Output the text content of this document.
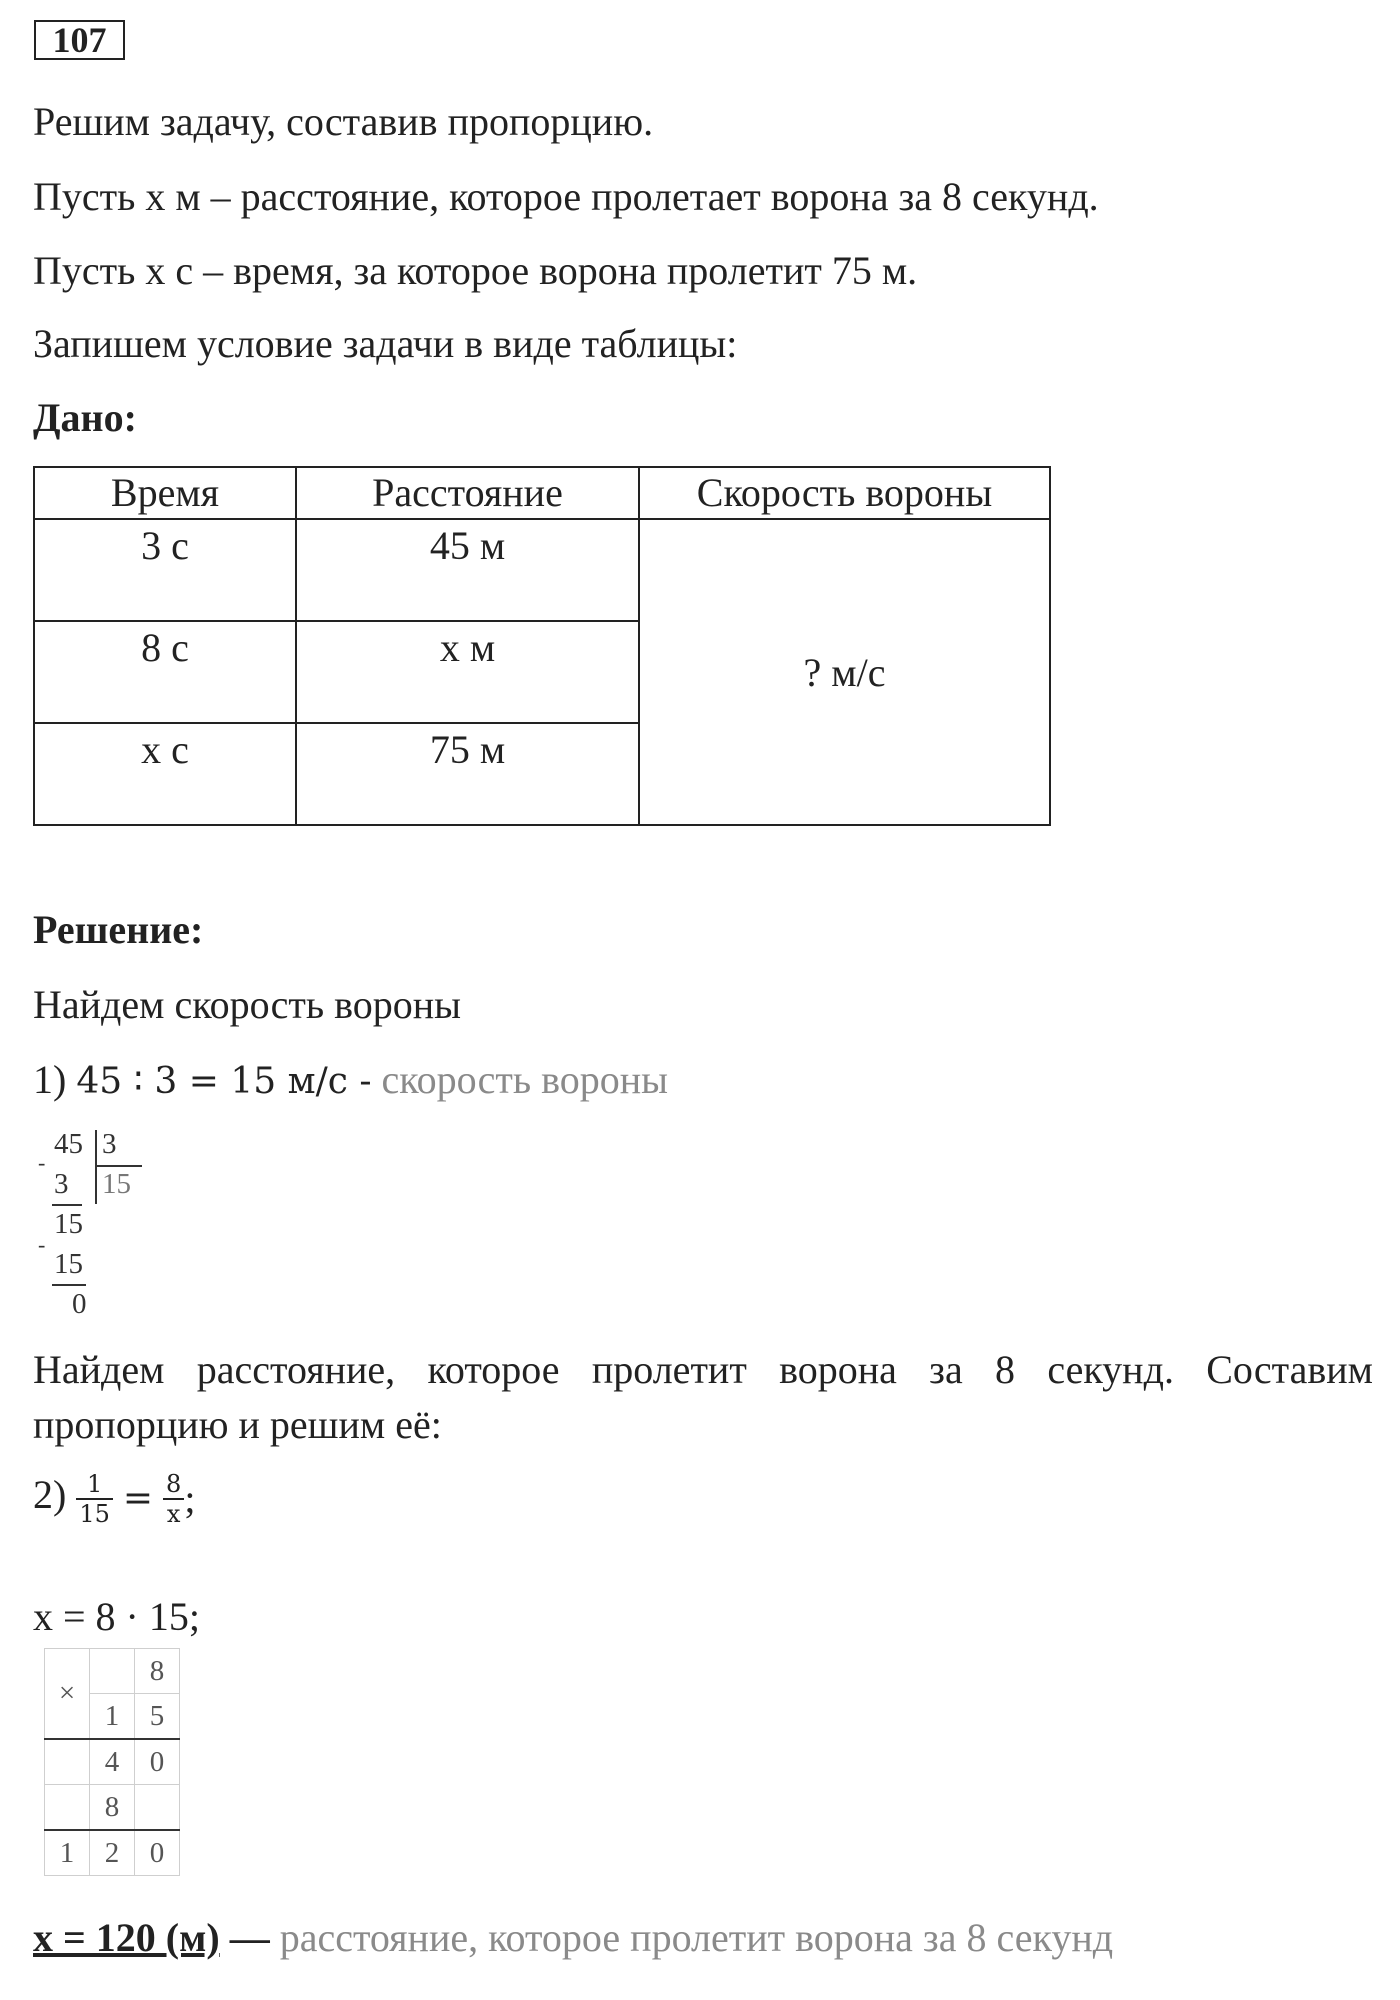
107
Решим задачу, составив пропорцию.
Пусть х м – расстояние, которое пролетает ворона за 8 секунд.
Пусть х с – время, за которое ворона пролетит 75 м.
Запишем условие задачи в виде таблицы:
Дано:
Время	Расстояние	Скорость вороны
3 с	45 м	? м/с
8 с	х м	
х с	75 м	
Решение:
Найдем скорость вороны
1) 45 ∶ 3 = 15 м/с - скорость вороны
45 3
-
3 15
15
-
15
0
Найдем расстояние, которое пролетит ворона за 8 секунд. Составим
пропорцию и решим её:
$2) \frac{1}{15} = \frac{8}{х}$ ;
х = 8 · 15;
×		8
	1	5
	4	0
	8	
1	2	0
х = 120 (м) — расстояние, которое пролетит ворона за 8 секунд
